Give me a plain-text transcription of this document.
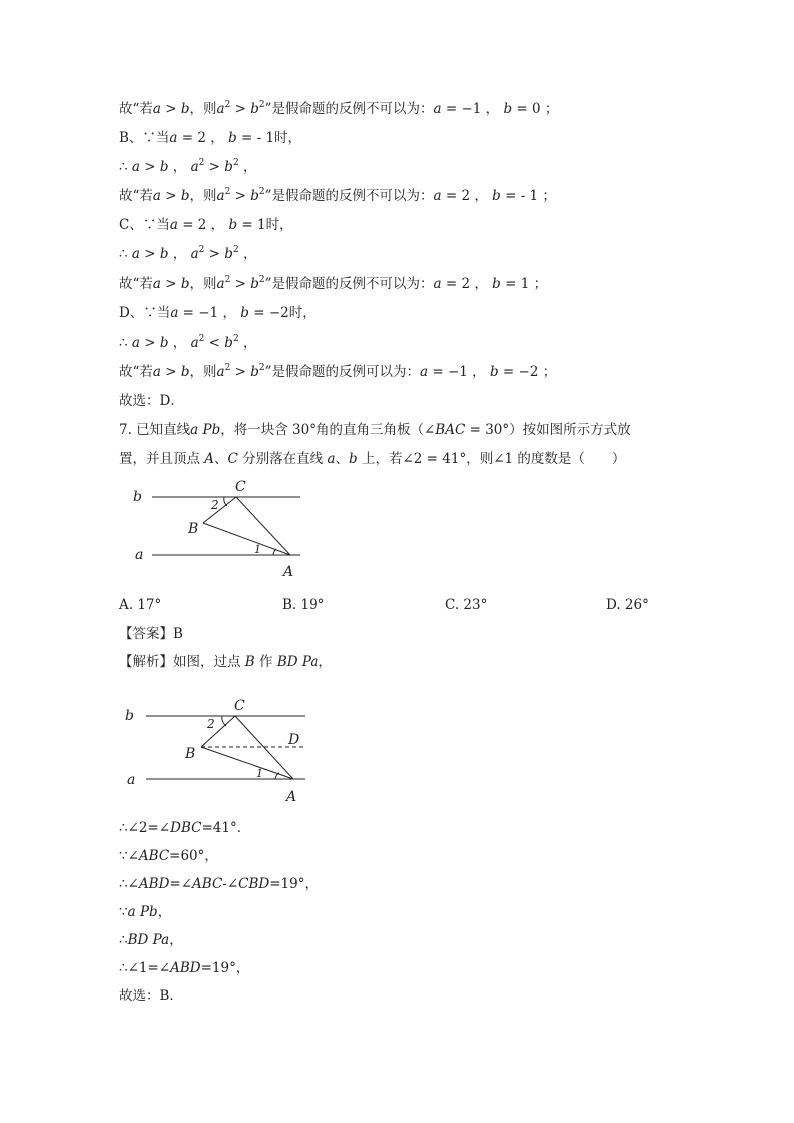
故“若a > b，则$a^2 > b^2$”是假命题的反例不可以为：a = −1 ， b = 0 ；
B、∵当a = 2 ， b = - 1时，
∴ a > b ， $a^2 > b^2$ ，
故“若a > b，则$a^2 > b^2$”是假命题的反例不可以为：a = 2 ， b = - 1 ；
C、∵当a = 2 ， b = 1时，
∴ a > b ， $a^2 > b^2$ ，
故“若a > b，则$a^2 > b^2$”是假命题的反例不可以为：a = 2 ， b = 1 ；
D、∵当a = −1 ， b = −2时，
∴ a > b ， $a^2 < b^2$ ，
故“若a > b，则$a^2 > b^2$”是假命题的反例可以为：a = −1 ， b = −2 ；
故选：D．
7. 已知直线a Pb，将一块含 30°角的直角三角板（∠BAC = 30°）按如图所示方式放
置，并且顶点 A、C 分别落在直线 a、b 上，若∠2 = 41°，则∠1 的度数是（　　）
【答案】B
【解析】如图，过点 B 作 BD Pa，
∴∠2=∠DBC=41°．
∵∠ABC=60°，
∴∠ABD=∠ABC-∠CBD=19°，
∵a Pb，
∴BD Pa，
∴∠1=∠ABD=19°，
故选：B．
A. 17°	B. 19°	C. 23°	D. 26°
b
a
C
B
A
2
1
b
a
C
B
D
A
2
1
